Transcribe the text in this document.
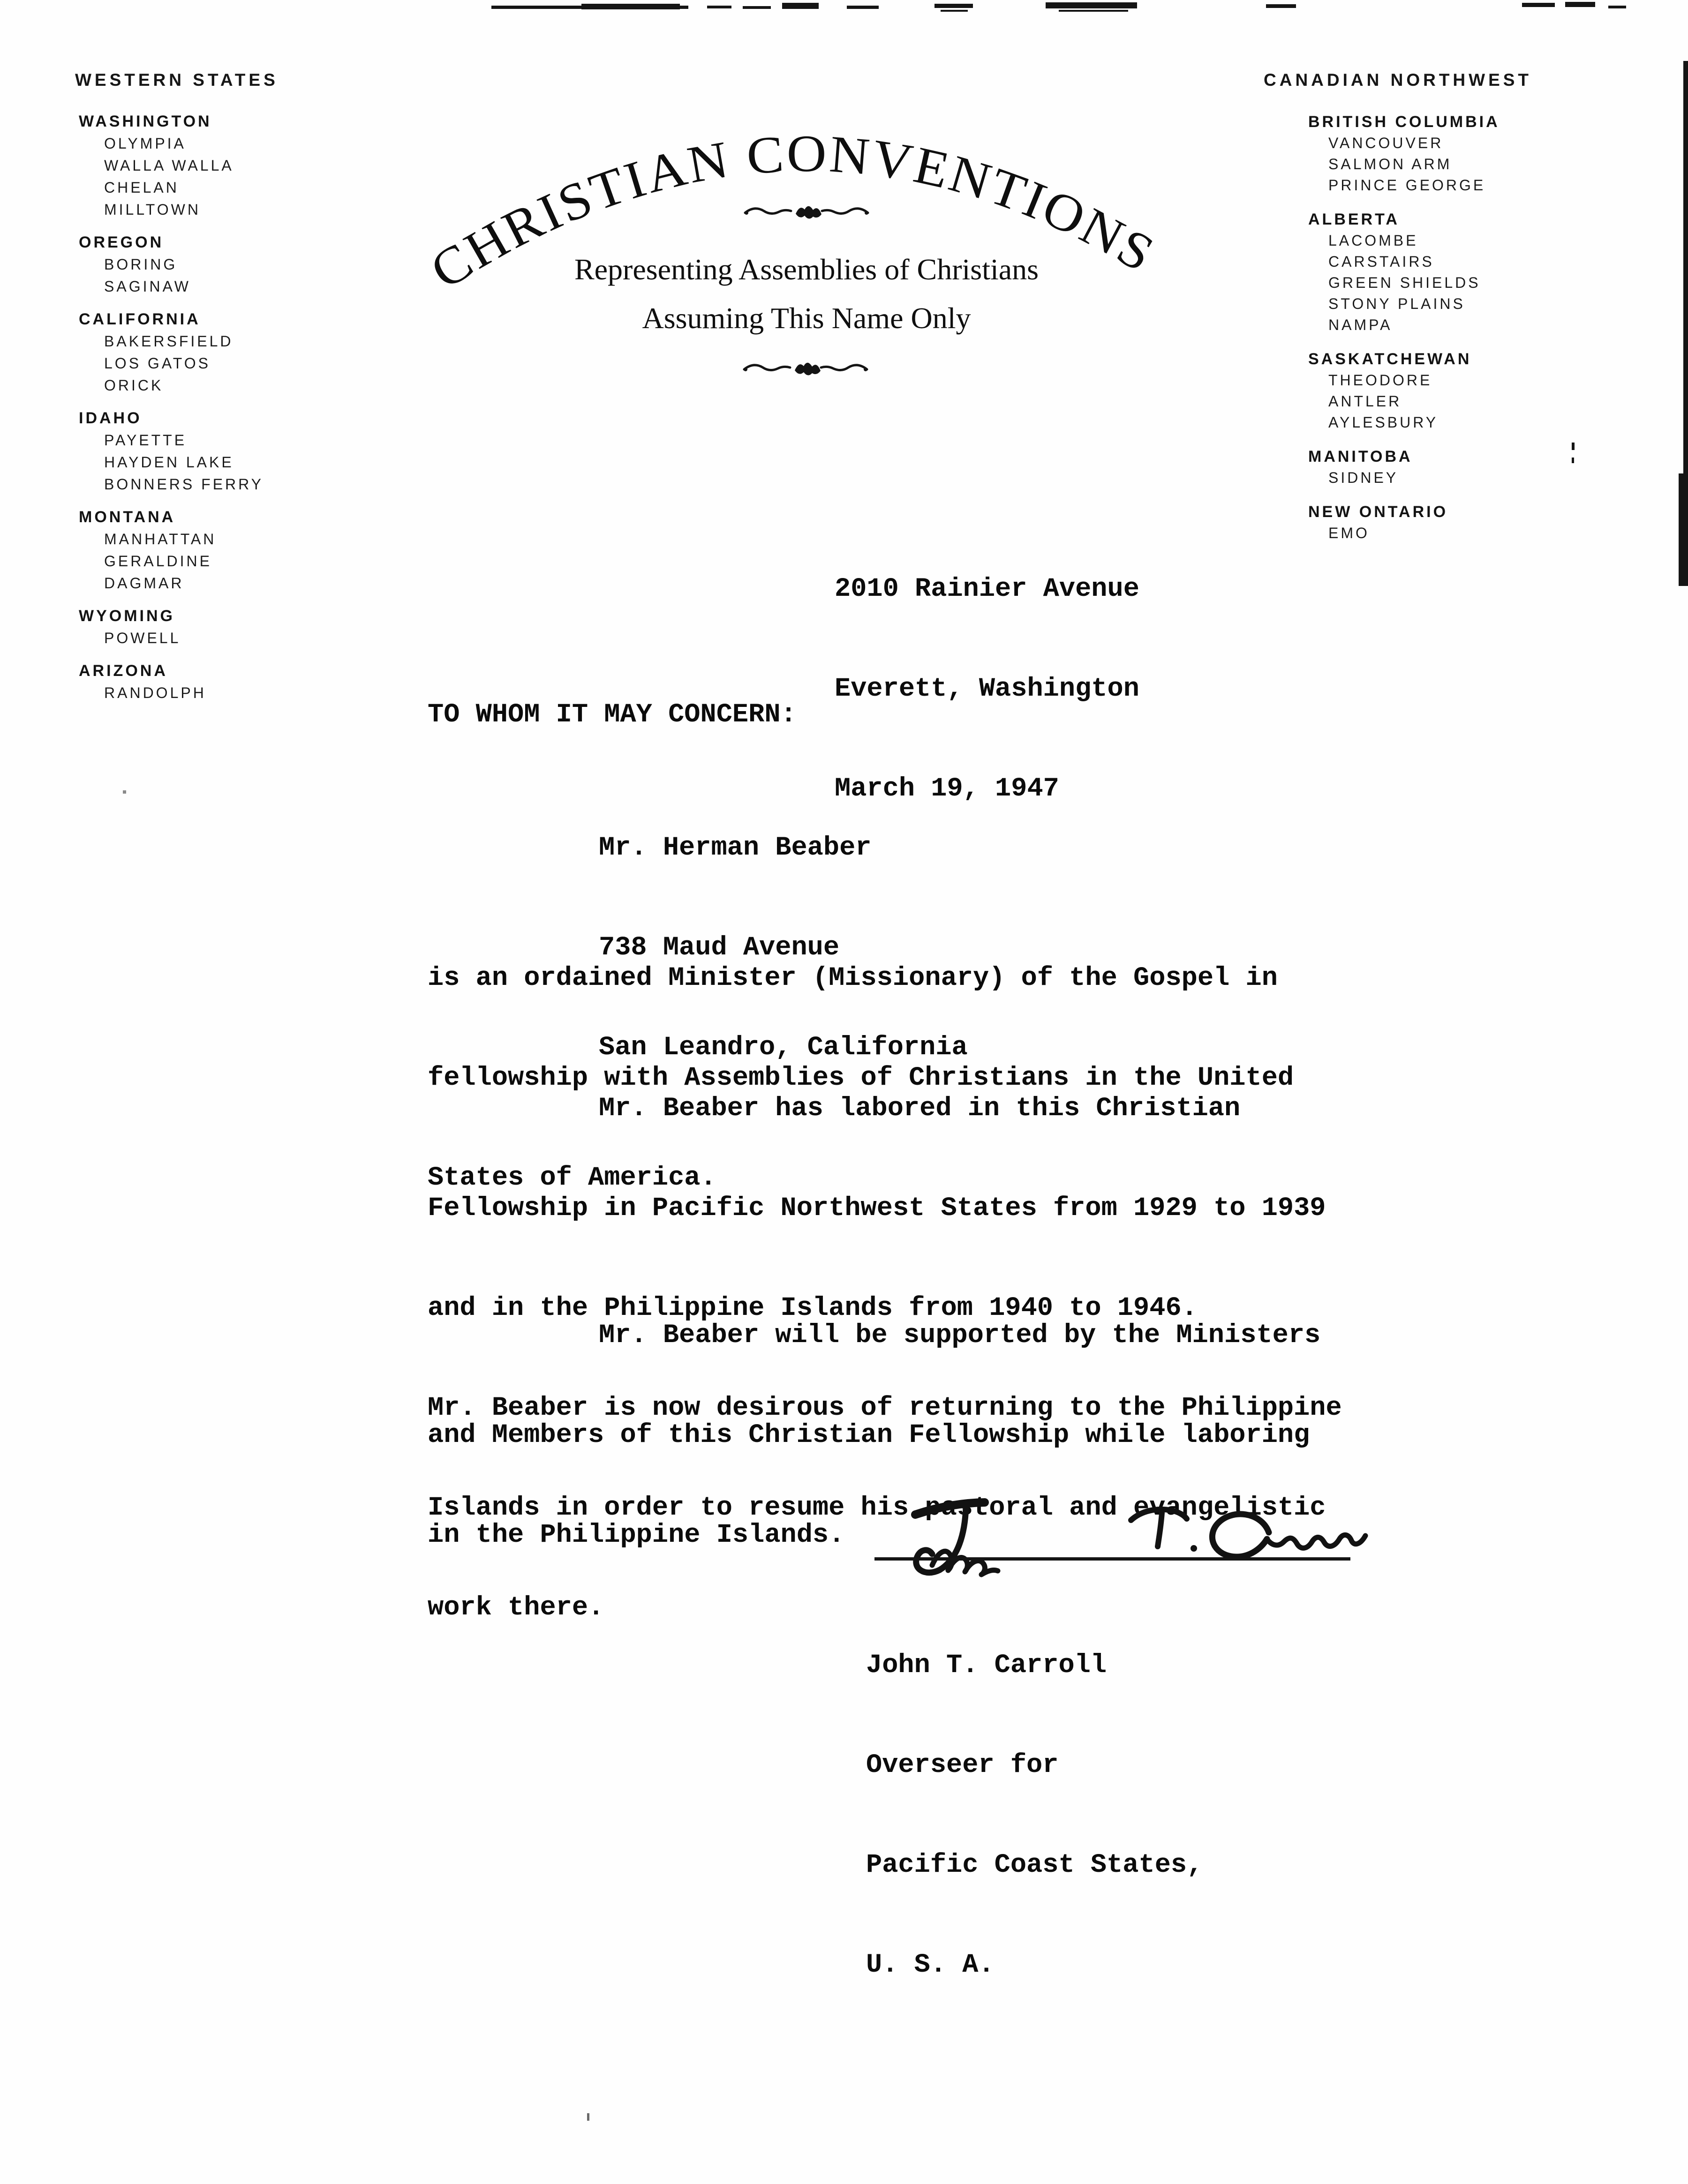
WESTERN STATES
WASHINGTON
OLYMPIA
WALLA WALLA
CHELAN
MILLTOWN
OREGON
BORING
SAGINAW
CALIFORNIA
BAKERSFIELD
LOS GATOS
ORICK
IDAHO
PAYETTE
HAYDEN LAKE
BONNERS FERRY
MONTANA
MANHATTAN
GERALDINE
DAGMAR
WYOMING
POWELL
ARIZONA
RANDOLPH
CANADIAN NORTHWEST
BRITISH COLUMBIA
VANCOUVER
SALMON ARM
PRINCE GEORGE
ALBERTA
LACOMBE
CARSTAIRS
GREEN SHIELDS
STONY PLAINS
NAMPA
SASKATCHEWAN
THEODORE
ANTLER
AYLESBURY
MANITOBA
SIDNEY
NEW ONTARIO
EMO
CHRISTIAN CONVENTIONS
Representing Assemblies of Christians
Assuming This Name Only

2010 Rainier Avenue

Everett, Washington

March 19, 1947

TO WHOM IT MAY CONCERN:

Mr. Herman Beaber

738 Maud Avenue

San Leandro, California

is an ordained Minister (Missionary) of the Gospel in

fellowship with Assemblies of Christians in the United

States of America.

Mr. Beaber has labored in this Christian

Fellowship in Pacific Northwest States from 1929 to 1939

and in the Philippine Islands from 1940 to 1946.

Mr. Beaber is now desirous of returning to the Philippine

Islands in order to resume his pastoral and evangelistic

work there.

Mr. Beaber will be supported by the Ministers

and Members of this Christian Fellowship while laboring

in the Philippine Islands.

John T. Carroll

Overseer for

Pacific Coast States,

U. S. A.
